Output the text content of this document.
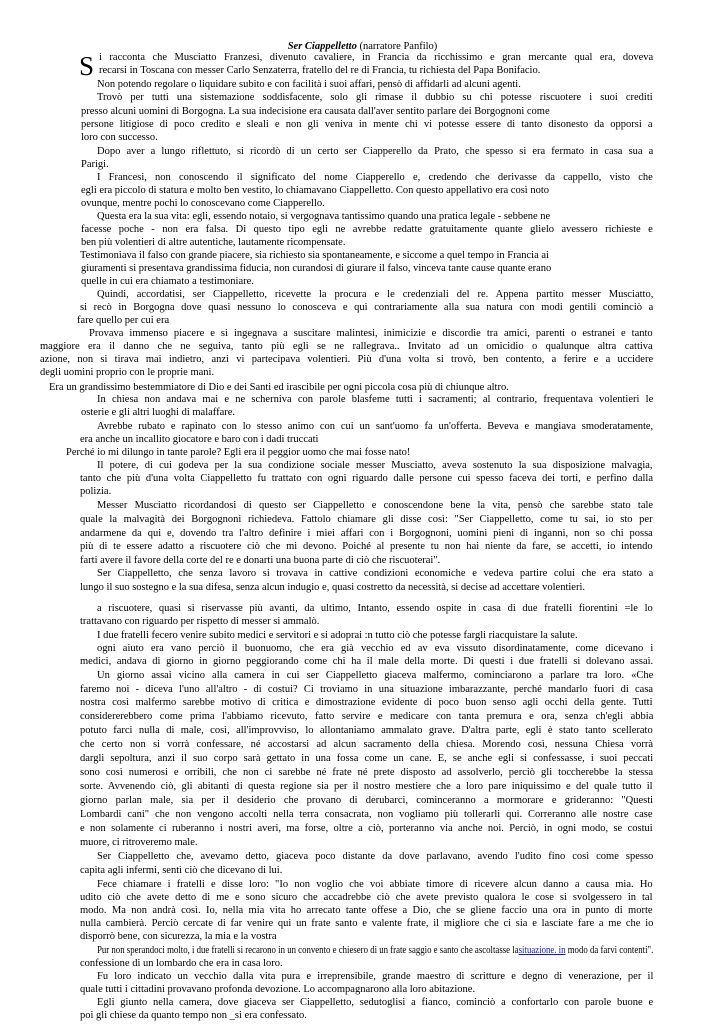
Ser Ciappelletto (narratore Panfilo)
S i racconta che Musciatto Franzesi, divenuto cavaliere, in Francia da ricchissimo e gran mercante qual era, doveva
recarsi in Toscana con messer Carlo Senzaterra, fratello del re di Francia, tu richiesta del Papa Bonifacio.
Non potendo regolare o liquidare subito e con facilità i suoi affari, pensò di affidarli ad alcuni agenti.
Trovò per tutti una sistemazione soddisfacente, solo gli rimase il dubbio su chi potesse riscuotere i suoi crediti
presso alcuni uomini di Borgogna. La sua indecisione era causata dall'aver sentito parlare dei Borgognoni come
persone litigiose di poco credito e sleali e non gli veniva in mente chi vi potesse essere di tanto disonesto da opporsi a
loro con successo.
Dopo aver a lungo riflettuto, si ricordò di un certo ser Ciapperello da Prato, che spesso si era fermato in casa sua a
Parigi.
I Francesi, non conoscendo il significato del nome Ciapperello e, credendo che derivasse da cappello, visto che
egli era piccolo di statura e molto ben vestito, lo chiamavano Ciappelletto. Con questo appellativo era così noto
ovunque, mentre pochi lo conoscevano come Ciapperello.
Questa era la sua vita: egli, essendo notaio, si vergognava tantissimo quando una pratica legale - sebbene ne
facesse poche - non era falsa. Di questo tipo egli ne avrebbe redatte gratuitamente quante glielo avessero richieste e
ben più volentieri di altre autentiche, lautamente ricompensate.
Testimoniava il falso con grande piacere, sia richiesto sia spontaneamente, e siccome a quel tempo in Francia ai
giuramenti si presentava grandissima fiducia, non curandosi di giurare il falso, vinceva tante cause quante erano
quelle in cui era chiamato a testimoniare.
Quindi, accordatisi, ser Ciappelletto, ricevette la procura e le credenziali del re. Appena partito messer Musciatto,
si recò in Borgogna dove quasi nessuno lo conosceva e qui contrariamente alla sua natura con modi gentili cominciò a
fare quello per cui era
Provava immenso piacere e si ingegnava a suscitare malintesi, inimicizie e discordie tra amici, parenti o estranei e tanto
maggiore era il danno che ne seguiva, tanto più egli se ne rallegrava.. Invitato ad un omicidio o qualunque altra cattiva
azione, non si tirava mai indietro, anzi vi partecipava volentieri. Più d'una volta si trovò, ben contento, a ferire e a uccidere
degli uomini proprio con le proprie mani.
Era un grandissimo bestemmiatore di Dio e dei Santi ed irascibile per ogni piccola cosa più di chiunque altro.
In chiesa non andava mai e ne scherniva con parole blasfeme tutti i sacramenti; al contrario, frequentava volentieri le
osterie e gli altri luoghi di malaffare.
Avrebbe rubato e rapinato con lo stesso animo con cui un sant'uomo fa un'offerta. Beveva e mangiava smoderatamente,
era anche un incallito giocatore e baro con i dadi truccati
Perché io mi dilungo in tante parole? Egli era il peggior uomo che mai fosse nato!
Il potere, di cui godeva per la sua condizione sociale messer Musciatto, aveva sostenuto la sua disposizione malvagia,
tanto che più d'una volta Ciappelletto fu trattato con ogni riguardo dalle persone cui spesso faceva dei torti, e perfino dalla
polizia.
Messer Musciatto ricordandosi di questo ser Ciappelletto e conoscendone bene la vita, pensò che sarebbe stato tale
quale la malvagità dei Borgognoni richiedeva. Fattolo chiamare gli disse così: "Ser Ciappelletto, come tu sai, io sto per
andarmene da qui e, dovendo tra l'altro definire i miei affari con i Borgognoni, uomini pieni di inganni, non so chi possa
più di te essere adatto a riscuotere ciò che mi devono. Poiché al presente tu non hai niente da fare, se accetti, io intendo
farti avere il favore della corte del re e donarti una buona parte di ciò che riscuoterai".
Ser Ciappelletto, che senza lavoro si trovava in cattive condizioni economiche e vedeva partire colui che era stato a
lungo il suo sostegno e la sua difesa, senza alcun indugio e, quasi costretto da necessità, si decise ad accettare volentieri.
a riscuotere, quasi si riservasse più avanti, da ultimo, Intanto, essendo ospite in casa di due fratelli fiorentini =le lo
trattavano con riguardo per rispetto di messer si ammalò.
I due fratelli fecero venire subito medici e servitori e si adoprai :n tutto ciò che potesse fargli riacquistare la salute.
ogni aiuto era vano perciò il buonuomo, che era già vecchio ed av eva vissuto disordinatamente, come dicevano i
medici, andava di giorno in giorno peggiorando come chi ha il male della morte. Di questi i due fratelli si dolevano assai.
Un giorno assai vicino alla camera in cui ser Ciappelletto giaceva malfermo, cominciarono a parlare tra loro. «Che
faremo noi - diceva l'uno all'altro - di costui? Ci troviamo in una situazione imbarazzante, perché mandarlo fuori di casa
nostra così malfermo sarebbe motivo di critica e dimostrazione evidente di poco buon senso agli occhi della gente. Tutti
considererebbero come prima l'abbiamo ricevuto, fatto servire e medicare con tanta premura e ora, senza ch'egli abbia
potuto farci nulla di male, così, all'improvviso, lo allontaniamo ammalato grave. D'altra parte, egli è stato tanto scellerato
che certo non si vorrà confessare, né accostarsi ad alcun sacramento della chiesa. Morendo così, nessuna Chiesa vorrà
dargli sepoltura, anzi il suo corpo sarà gettato in una fossa come un cane. E, se anche egli si confessasse, i suoi peccati
sono così numerosi e orribili, che non ci sarebbe né frate né prete disposto ad assolverlo, perciò gli toccherebbe la stessa
sorte. Avvenendo ciò, gli abitanti di questa regione sia per il nostro mestiere che a loro pare iniquissimo e del quale tutto il
giorno parlan male, sia per il desiderio che provano di derubarci, cominceranno a mormorare e grideranno: "Questi
Lombardi cani" che non vengono accolti nella terra consacrata, non vogliamo più tollerarli qui. Correranno alle nostre case
e non solamente ci ruberanno i nostri averi, ma forse, oltre a ciò, porteranno via anche noi. Perciò, in ogni modo, se costui
muore, ci ritroveremo male.
Ser Ciappelletto che, avevamo detto, giaceva poco distante da dove parlavano, avendo l'udito fino così come spesso
capita agli infermi, sentì ciò che dicevano di lui.
Fece chiamare i fratelli e disse loro: "Io non voglio che voi abbiate timore di ricevere alcun danno a causa mia. Ho
udito ciò che avete detto di me e sono sicuro che accadrebbe ciò che avete previsto qualora le cose si svolgessero in tal
modo. Ma non andrà così. Io, nella mia vita ho arrecato tante offese a Dio, che se gliene faccio una ora in punto di morte
nulla cambierà. Perciò cercate di far venire qui un frate santo e valente frate, il migliore che ci sia e lasciate fare a me che io
disporrò bene, con sicurezza, la mia e la vostra
Pur non sperandoci molto, i due fratelli si recarono in un convento e chiesero di un frate saggio e santo che ascoltasse lasituazione. in modo da farvi contenti".
confessione di un lombardo che era in casa loro.
Fu loro indicato un vecchio dalla vita pura e irreprensibile, grande maestro di scritture e degno di venerazione, per il
quale tutti i cittadini provavano profonda devozione. Lo accompagnarono alla loro abitazione.
Egli giunto nella camera, dove giaceva ser Ciappelletto, sedutoglisi a fianco, cominciò a confortarlo con parole buone e
poi gli chiese da quanto tempo non _si era confessato.
